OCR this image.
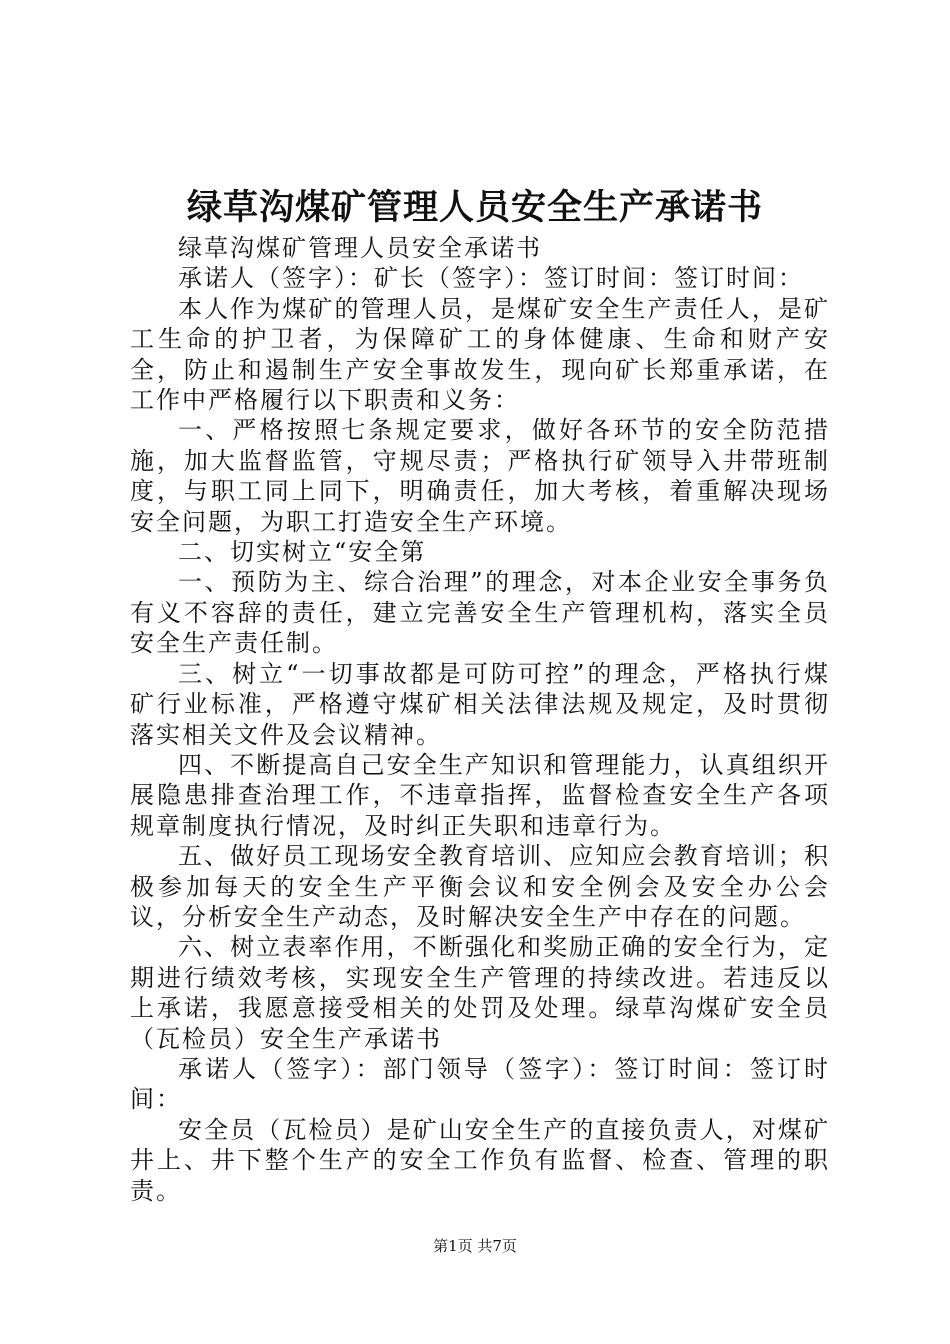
绿草沟煤矿管理人员安全生产承诺书

绿草沟煤矿管理人员安全承诺书

承诺人（签字）：矿长（签字）：签订时间：签订时间：

本人作为煤矿的管理人员，是煤矿安全生产责任人，是矿工生命的护卫者，为保障矿工的身体健康、生命和财产安全，防止和遏制生产安全事故发生，现向矿长郑重承诺，在工作中严格履行以下职责和义务：

一、严格按照七条规定要求，做好各环节的安全防范措施，加大监督监管，守规尽责；严格执行矿领导入井带班制度，与职工同上同下，明确责任，加大考核，着重解决现场安全问题，为职工打造安全生产环境。

二、切实树立“安全第

一、预防为主、综合治理”的理念，对本企业安全事务负有义不容辞的责任，建立完善安全生产管理机构，落实全员安全生产责任制。

三、树立“一切事故都是可防可控”的理念，严格执行煤矿行业标准，严格遵守煤矿相关法律法规及规定，及时贯彻落实相关文件及会议精神。

四、不断提高自己安全生产知识和管理能力，认真组织开展隐患排查治理工作，不违章指挥，监督检查安全生产各项规章制度执行情况，及时纠正失职和违章行为。

五、做好员工现场安全教育培训、应知应会教育培训；积极参加每天的安全生产平衡会议和安全例会及安全办公会议，分析安全生产动态，及时解决安全生产中存在的问题。

六、树立表率作用，不断强化和奖励正确的安全行为，定期进行绩效考核，实现安全生产管理的持续改进。若违反以上承诺，我愿意接受相关的处罚及处理。绿草沟煤矿安全员（瓦检员）安全生产承诺书

承诺人（签字）：部门领导（签字）：签订时间：签订时间：

安全员（瓦检员）是矿山安全生产的直接负责人，对煤矿井上、井下整个生产的安全工作负有监督、检查、管理的职责。

第1页 共7页
